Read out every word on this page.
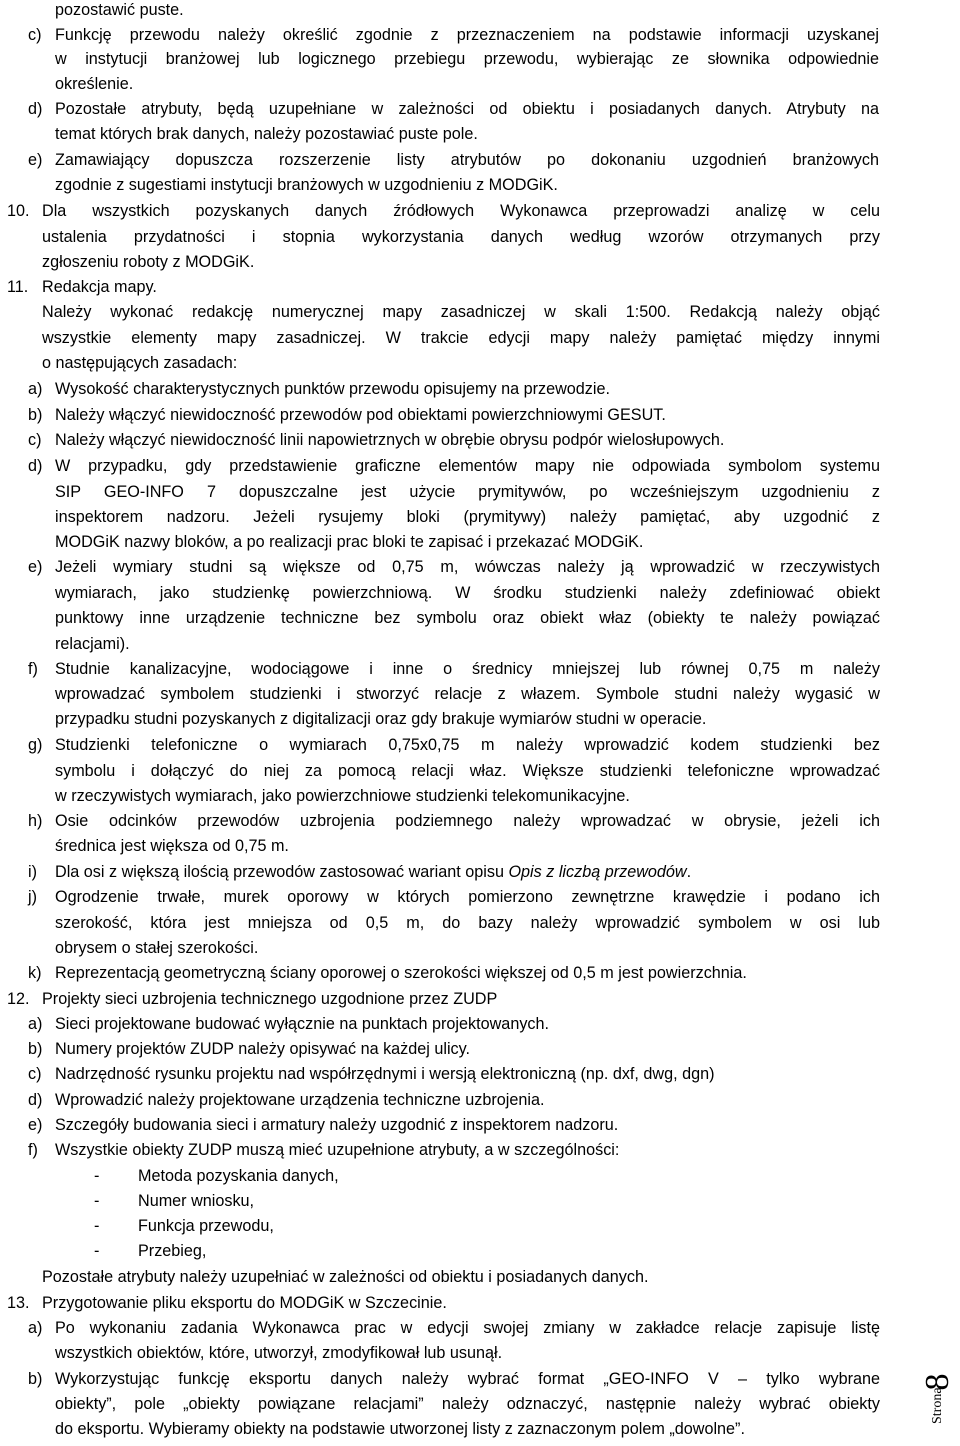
pozostawić puste.
c) Funkcję przewodu należy określić zgodnie z przeznaczeniem na podstawie informacji uzyskanej
w instytucji branżowej lub logicznego przebiegu przewodu, wybierając ze słownika odpowiednie
określenie.
d) Pozostałe atrybuty, będą uzupełniane w zależności od obiektu i posiadanych danych. Atrybuty na
temat których brak danych, należy pozostawiać puste pole.
e) Zamawiający dopuszcza rozszerzenie listy atrybutów po dokonaniu uzgodnień branżowych
zgodnie z sugestiami instytucji branżowych w uzgodnieniu z MODGiK.
10. Dla wszystkich pozyskanych danych źródłowych Wykonawca przeprowadzi analizę w celu
ustalenia przydatności i stopnia wykorzystania danych według wzorów otrzymanych przy
zgłoszeniu roboty z MODGiK.
11. Redakcja mapy.
Należy wykonać redakcję numerycznej mapy zasadniczej w skali 1:500. Redakcją należy objąć
wszystkie elementy mapy zasadniczej. W trakcie edycji mapy należy pamiętać między innymi
o następujących zasadach:
a) Wysokość charakterystycznych punktów przewodu opisujemy na przewodzie.
b) Należy włączyć niewidoczność przewodów pod obiektami powierzchniowymi GESUT.
c) Należy włączyć niewidoczność linii napowietrznych w obrębie obrysu podpór wielosłupowych.
d) W przypadku, gdy przedstawienie graficzne elementów mapy nie odpowiada symbolom systemu
SIP GEO-INFO 7 dopuszczalne jest użycie prymitywów, po wcześniejszym uzgodnieniu z
inspektorem nadzoru. Jeżeli rysujemy bloki (prymitywy) należy pamiętać, aby uzgodnić z
MODGiK nazwy bloków, a po realizacji prac bloki te zapisać i przekazać MODGiK.
e) Jeżeli wymiary studni są większe od 0,75 m, wówczas należy ją wprowadzić w rzeczywistych
wymiarach, jako studzienkę powierzchniową. W środku studzienki należy zdefiniować obiekt
punktowy inne urządzenie techniczne bez symbolu oraz obiekt właz (obiekty te należy powiązać
relacjami).
f) Studnie kanalizacyjne, wodociągowe i inne o średnicy mniejszej lub równej 0,75 m należy
wprowadzać symbolem studzienki i stworzyć relacje z włazem. Symbole studni należy wygasić w
przypadku studni pozyskanych z digitalizacji oraz gdy brakuje wymiarów studni w operacie.
g) Studzienki telefoniczne o wymiarach 0,75x0,75 m należy wprowadzić kodem studzienki bez
symbolu i dołączyć do niej za pomocą relacji właz. Większe studzienki telefoniczne wprowadzać
w rzeczywistych wymiarach, jako powierzchniowe studzienki telekomunikacyjne.
h) Osie odcinków przewodów uzbrojenia podziemnego należy wprowadzać w obrysie, jeżeli ich
średnica jest większa od 0,75 m.
i) Dla osi z większą ilością przewodów zastosować wariant opisu Opis z liczbą przewodów.
j) Ogrodzenie trwałe, murek oporowy w których pomierzono zewnętrzne krawędzie i podano ich
szerokość, która jest mniejsza od 0,5 m, do bazy należy wprowadzić symbolem w osi lub
obrysem o stałej szerokości.
k) Reprezentacją geometryczną ściany oporowej o szerokości większej od 0,5 m jest powierzchnia.
12. Projekty sieci uzbrojenia technicznego uzgodnione przez ZUDP
a) Sieci projektowane budować wyłącznie na punktach projektowanych.
b) Numery projektów ZUDP należy opisywać na każdej ulicy.
c) Nadrzędność rysunku projektu nad współrzędnymi i wersją elektroniczną (np. dxf, dwg, dgn)
d) Wprowadzić należy projektowane urządzenia techniczne uzbrojenia.
e) Szczegóły budowania sieci i armatury należy uzgodnić z inspektorem nadzoru.
f) Wszystkie obiekty ZUDP muszą mieć uzupełnione atrybuty, a w szczególności:
- Metoda pozyskania danych,
- Numer wniosku,
- Funkcja przewodu,
- Przebieg,
Pozostałe atrybuty należy uzupełniać w zależności od obiektu i posiadanych danych.
13. Przygotowanie pliku eksportu do MODGiK w Szczecinie.
a) Po wykonaniu zadania Wykonawca prac w edycji swojej zmiany w zakładce relacje zapisuje listę
wszystkich obiektów, które, utworzył, zmodyfikował lub usunął.
b) Wykorzystując funkcję eksportu danych należy wybrać format „GEO-INFO V – tylko wybrane
obiekty”, pole „obiekty powiązane relacjami” należy odznaczyć, następnie należy wybrać obiekty
do eksportu. Wybieramy obiekty na podstawie utworzonej listy z zaznaczonym polem „dowolne”.
8
Strona
